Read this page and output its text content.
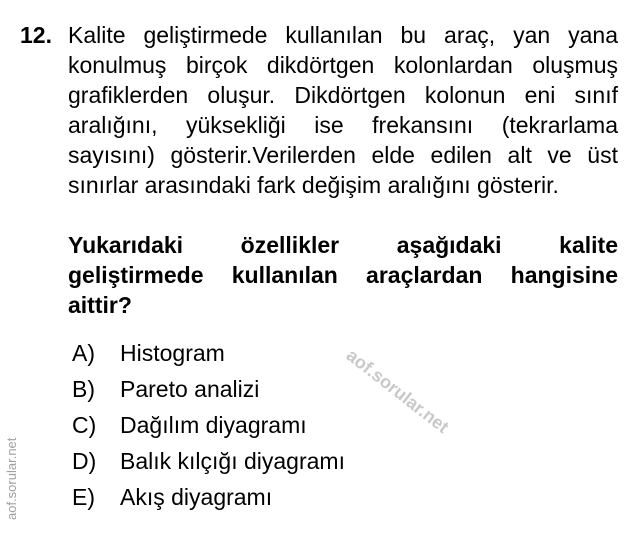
12. Kalite geliştirmede kullanılan bu araç, yan yana
konulmuş birçok dikdörtgen kolonlardan oluşmuş
grafiklerden oluşur. Dikdörtgen kolonun eni sınıf
aralığını, yüksekliği ise frekansını (tekrarlama
sayısını) gösterir.Verilerden elde edilen alt ve üst
sınırlar arasındaki fark değişim aralığını gösterir.
Yukarıdaki özellikler aşağıdaki kalite
geliştirmede kullanılan araçlardan hangisine
aittir?
A)	Histogram
B)	Pareto analizi
C)	Dağılım diyagramı
D)	Balık kılçığı diyagramı
E)	Akış diyagramı
aof.sorular.net
aof.sorular.net
